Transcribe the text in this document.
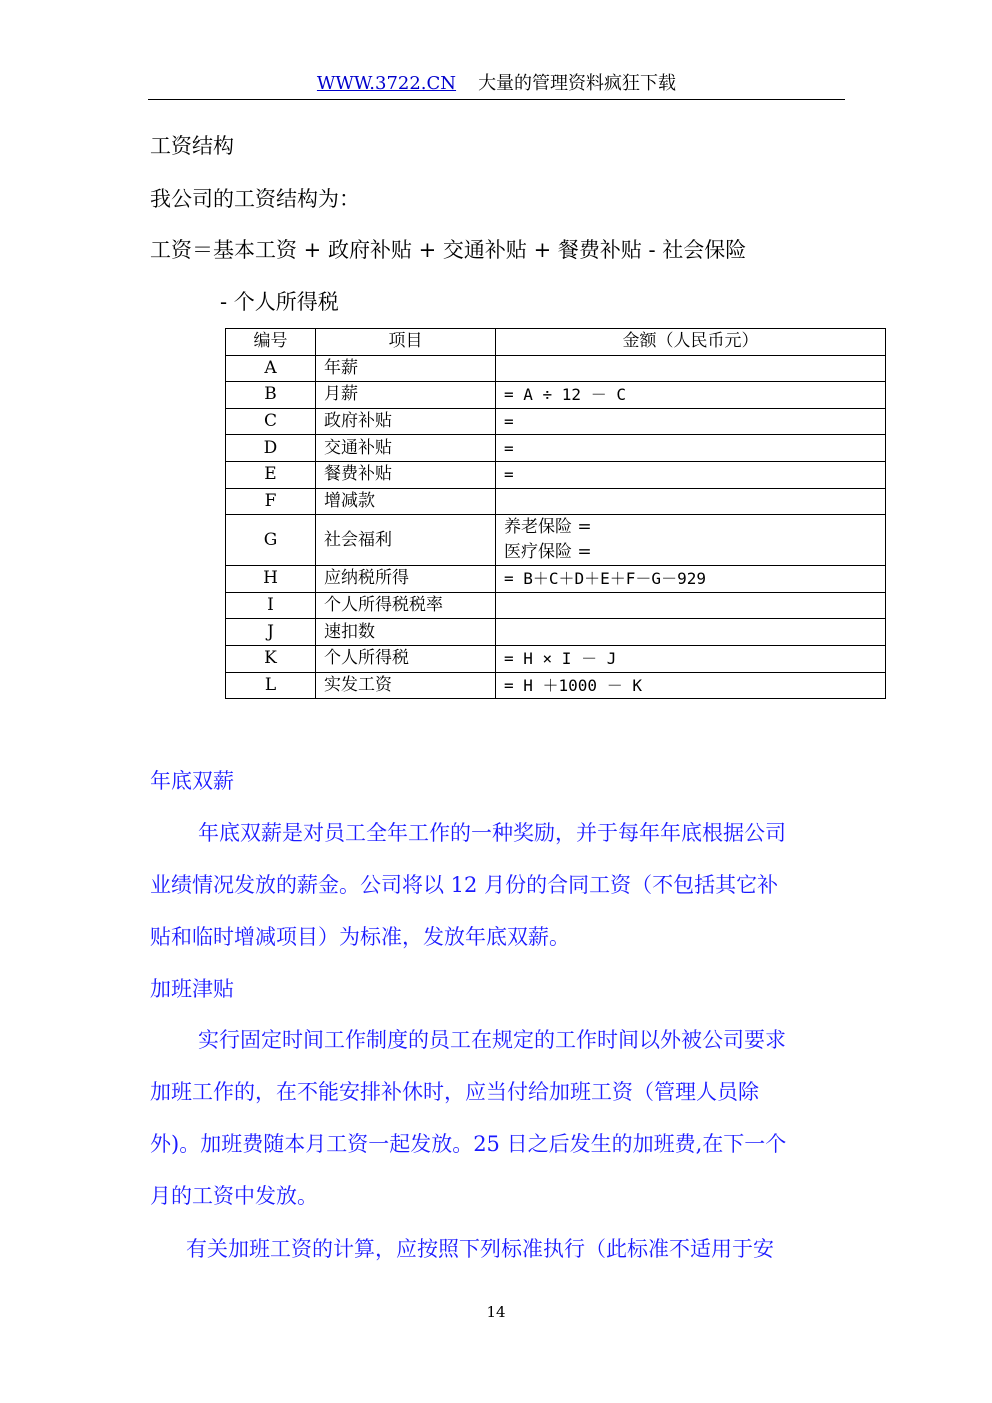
WWW.3722.CN 大量的管理资料疯狂下载
工资结构
我公司的工资结构为：
工资＝基本工资 + 政府补贴 + 交通补贴 + 餐费补贴 - 社会保险
- 个人所得税
编号	项目	金额（人民币元）
A	年薪	
B	月薪	= A ÷ 12 － C
C	政府补贴	=
D	交通补贴	=
E	餐费补贴	=
F	增减款	
G	社会福利	养老保险 =
医疗保险 =

H	应纳税所得	= B＋C＋D＋E＋F－G－929
I	个人所得税税率	
J	速扣数	
K	个人所得税	= H × I － J
L	实发工资	= H ＋1000 － K
年底双薪
年底双薪是对员工全年工作的一种奖励，并于每年年底根据公司
业绩情况发放的薪金。公司将以 12 月份的合同工资（不包括其它补
贴和临时增减项目）为标准，发放年底双薪。
加班津贴
实行固定时间工作制度的员工在规定的工作时间以外被公司要求
加班工作的，在不能安排补休时，应当付给加班工资（管理人员除
外)。加班费随本月工资一起发放。25 日之后发生的加班费,在下一个
月的工资中发放。
有关加班工资的计算，应按照下列标准执行（此标准不适用于安
14
